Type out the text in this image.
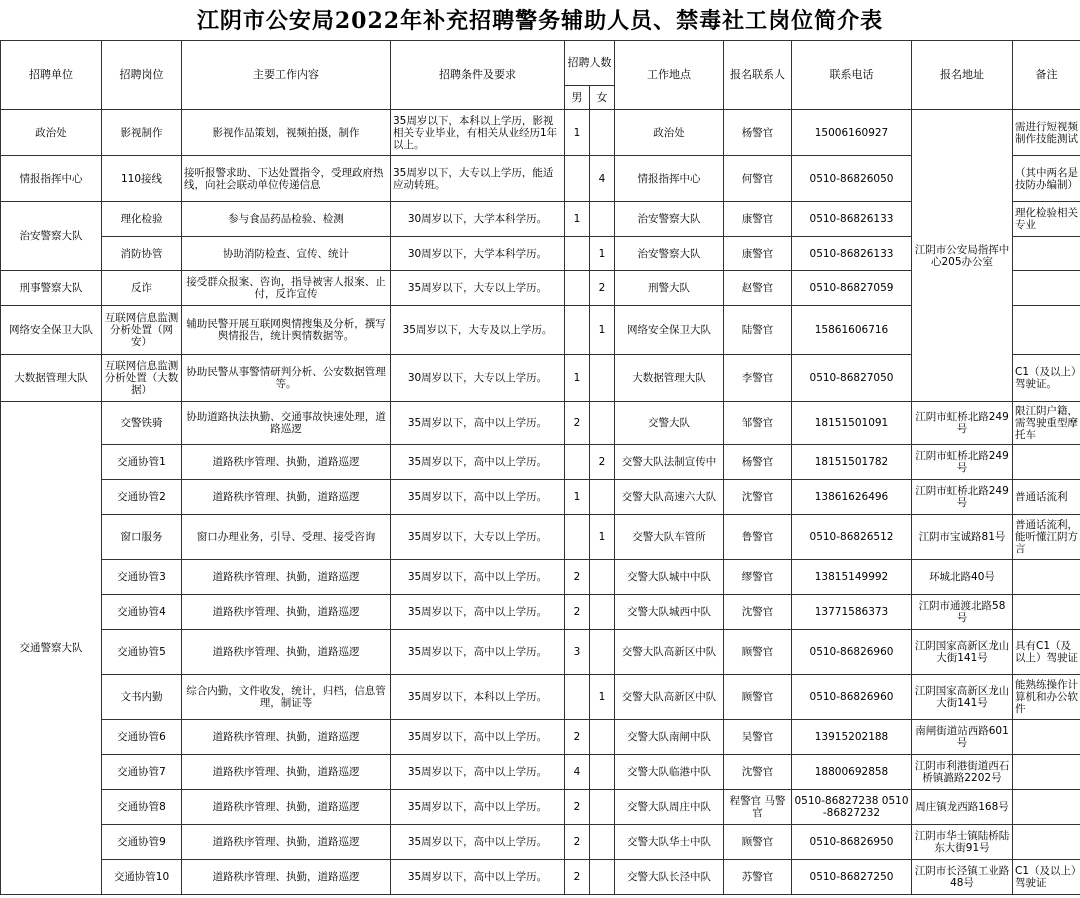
江阴市公安局2022年补充招聘警务辅助人员、禁毒社工岗位简介表
招聘单位	招聘岗位	主要工作内容	招聘条件及要求	招聘人数		工作地点	报名联系人	联系电话	报名地址	备注
				男	女					
政治处	影视制作	影视作品策划，视频拍摄，制作	35周岁以下，本科以上学历，影视相关专业毕业，有相关从业经历1年以上。	1		政治处	杨警官	15006160927	江阴市公安局指挥中心205办公室	需进行短视频制作技能测试
情报指挥中心	110接线	接听报警求助、下达处置指令，受理政府热线，向社会联动单位传递信息	35周岁以下，大专以上学历，能适应动转班。		4	情报指挥中心	何警官	0510-86826050		（其中两名是技防办编制）
治安警察大队	理化检验	参与食品药品检验、检测	30周岁以下，大学本科学历。	1		治安警察大队	康警官	0510-86826133		理化检验相关专业
	消防协管	协助消防检查、宣传、统计	30周岁以下，大学本科学历。		1	治安警察大队	康警官	0510-86826133		
刑事警察大队	反诈	接受群众报案、咨询，指导被害人报案、止付，反诈宣传	35周岁以下，大专以上学历。		2	刑警大队	赵警官	0510-86827059		
网络安全保卫大队	互联网信息监测分析处置（网安）	辅助民警开展互联网舆情搜集及分析，撰写舆情报告，统计舆情数据等。	35周岁以下，大专及以上学历。		1	网络安全保卫大队	陆警官	15861606716		
大数据管理大队	互联网信息监测分析处置（大数据）	协助民警从事警情研判分析、公安数据管理等。	30周岁以下，大专以上学历。	1		大数据管理大队	李警官	0510-86827050		C1（及以上）驾驶证。
交通警察大队	交警铁骑	协助道路执法执勤、交通事故快速处理，道路巡逻	35周岁以下，高中以上学历。	2		交警大队	邹警官	18151501091	江阴市虹桥北路249号	限江阴户籍，需驾驶重型摩托车
	交通协管1	道路秩序管理、执勤，道路巡逻	35周岁以下，高中以上学历。		2	交警大队法制宣传中	杨警官	18151501782	江阴市虹桥北路249号	
	交通协管2	道路秩序管理、执勤，道路巡逻	35周岁以下，高中以上学历。	1		交警大队高速六大队	沈警官	13861626496	江阴市虹桥北路249号	普通话流利
	窗口服务	窗口办理业务，引导、受理、接受咨询	35周岁以下，大专以上学历。		1	交警大队车管所	鲁警官	0510-86826512	江阴市宝诚路81号	普通话流利，能听懂江阴方言
	交通协管3	道路秩序管理、执勤，道路巡逻	35周岁以下，高中以上学历。	2		交警大队城中中队	缪警官	13815149992	环城北路40号	
	交通协管4	道路秩序管理、执勤，道路巡逻	35周岁以下，高中以上学历。	2		交警大队城西中队	沈警官	13771586373	江阴市通渡北路58号	
	交通协管5	道路秩序管理、执勤，道路巡逻	35周岁以下，高中以上学历。	3		交警大队高新区中队	顾警官	0510-86826960	江阴国家高新区龙山大街141号	具有C1（及以上）驾驶证
	文书内勤	综合内勤，文件收发，统计，归档，信息管理，制证等	35周岁以下，本科以上学历。		1	交警大队高新区中队	顾警官	0510-86826960	江阴国家高新区龙山大街141号	能熟练操作计算机和办公软件
	交通协管6	道路秩序管理、执勤，道路巡逻	35周岁以下，高中以上学历。	2		交警大队南闸中队	吴警官	13915202188	南闸街道站西路601号	
	交通协管7	道路秩序管理、执勤，道路巡逻	35周岁以下，高中以上学历。	4		交警大队临港中队	沈警官	18800692858	江阴市利港街道西石桥镇潞路2202号	
	交通协管8	道路秩序管理、执勤，道路巡逻	35周岁以下，高中以上学历。	2		交警大队周庄中队	程警官 马警官	0510-86827238 0510-86827232	周庄镇龙西路168号	
	交通协管9	道路秩序管理、执勤，道路巡逻	35周岁以下，高中以上学历。	2		交警大队华士中队	顾警官	0510-86826950	江阴市华士镇陆桥陆东大街91号	
	交通协管10	道路秩序管理、执勤，道路巡逻	35周岁以下，高中以上学历。	2		交警大队长泾中队	苏警官	0510-86827250	江阴市长泾镇工业路48号	C1（及以上）驾驶证
